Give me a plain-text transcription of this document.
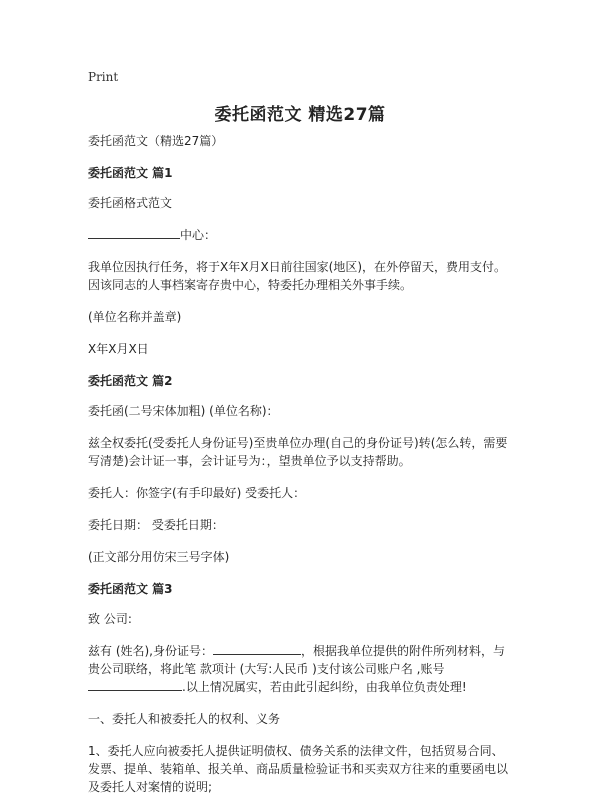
Print
委托函范文 精选27篇

委托函范文（精选27篇）

委托函范文 篇1

委托函格式范文

中心：

我单位因执行任务，将于X年X月X日前往国家(地区)，在外停留天，费用支付。因该同志的人事档案寄存贵中心，特委托办理相关外事手续。

(单位名称并盖章)

X年X月X日

委托函范文 篇2

委托函(二号宋体加粗) (单位名称)：

兹全权委托(受委托人身份证号)至贵单位办理(自己的身份证号)转(怎么转，需要写清楚)会计证一事，会计证号为：，望贵单位予以支持帮助。

委托人：你签字(有手印最好) 受委托人：

委托日期： 受委托日期：

(正文部分用仿宋三号字体)

委托函范文 篇3

致 公司:

兹有 (姓名),身份证号：	，根据我单位提供的附件所列材料，与贵公司联络，将此笔 款项计 (大写:人民币 )支付该公司账户名 ,账号
.以上情况属实，若由此引起纠纷，由我单位负责处理!

一、委托人和被委托人的权利、义务

1、委托人应向被委托人提供证明债权、债务关系的法律文件，包括贸易合同、发票、提单、装箱单、报关单、商品质量检验证书和买卖双方往来的重要函电以及委托人对案情的说明;
